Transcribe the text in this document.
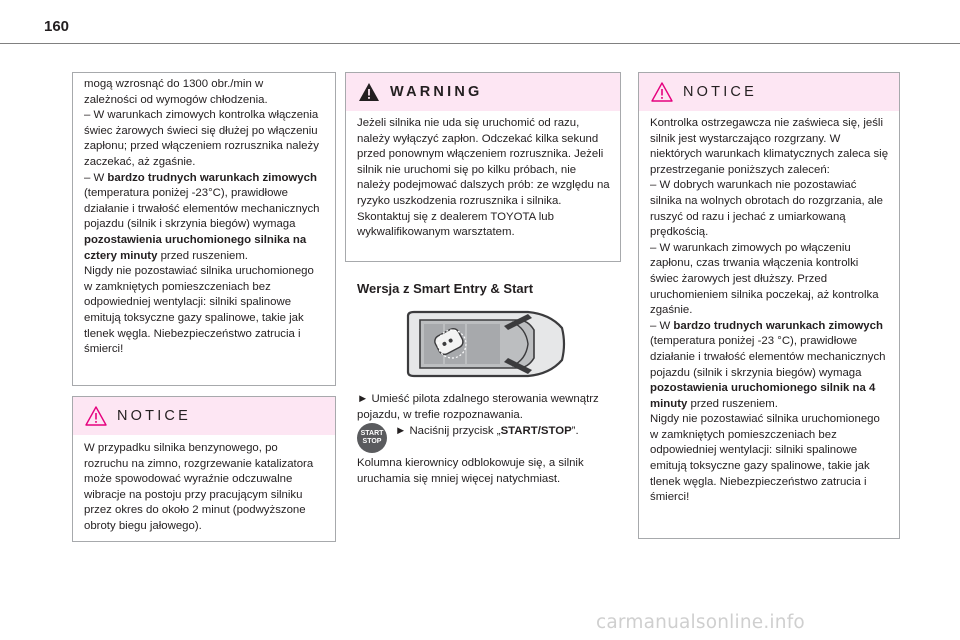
160

mogą wzrosnąć do 1300 obr./min w

zależności od wymogów chłodzenia.

– W warunkach zimowych kontrolka włączenia świec żarowych świeci się dłużej po włączeniu zapłonu; przed włączeniem rozrusznika należy zaczekać, aż zgaśnie.

– W bardzo trudnych warunkach zimowych (temperatura poniżej -23°C), prawidłowe działanie i trwałość elementów mechanicznych pojazdu (silnik i skrzynia biegów) wymaga pozostawienia uruchomionego silnika na cztery minuty przed ruszeniem.

Nigdy nie pozostawiać silnika uruchomionego w zamkniętych pomieszczeniach bez odpowiedniej wentylacji: silniki spalinowe emitują toksyczne gazy spalinowe, takie jak tlenek węgla. Niebezpieczeństwo zatrucia i śmierci!

NOTICE

W przypadku silnika benzynowego, po rozruchu na zimno, rozgrzewanie katalizatora może spowodować wyraźnie odczuwalne wibracje na postoju przy pracującym silniku przez okres do około 2 minut (podwyższone obroty biegu jałowego).

WARNING

Jeżeli silnika nie uda się uruchomić od razu, należy wyłączyć zapłon. Odczekać kilka sekund przed ponownym włączeniem rozrusznika. Jeżeli silnik nie uruchomi się po kilku próbach, nie należy podejmować dalszych prób: ze względu na ryzyko uszkodzenia rozrusznika i silnika. Skontaktuj się z dealerem TOYOTA lub wykwalifikowanym warsztatem.

Wersja z Smart Entry & Start

► Umieść pilota zdalnego sterowania wewnątrz pojazdu, w trefie rozpoznawania.

START
STOP
► Naciśnij przycisk „START/STOP”.
Kolumna kierownicy odblokowuje się, a silnik uruchamia się mniej więcej natychmiast.
NOTICE

Kontrolka ostrzegawcza nie zaświeca się, jeśli silnik jest wystarczająco rozgrzany. W niektórych warunkach klimatycznych zaleca się przestrzeganie poniższych zaleceń:

– W dobrych warunkach nie pozostawiać silnika na wolnych obrotach do rozgrzania, ale ruszyć od razu i jechać z umiarkowaną prędkością.

– W warunkach zimowych po włączeniu zapłonu, czas trwania włączenia kontrolki świec żarowych jest dłuższy. Przed uruchomieniem silnika poczekaj, aż kontrolka zgaśnie.

– W bardzo trudnych warunkach zimowych (temperatura poniżej -23 °C), prawidłowe działanie i trwałość elementów mechanicznych pojazdu (silnik i skrzynia biegów) wymaga pozostawienia uruchomionego silnik na 4 minuty przed ruszeniem.

Nigdy nie pozostawiać silnika uruchomionego w zamkniętych pomieszczeniach bez odpowiedniej wentylacji: silniki spalinowe emitują toksyczne gazy spalinowe, takie jak tlenek węgla. Niebezpieczeństwo zatrucia i śmierci!

carmanualsonline.info
